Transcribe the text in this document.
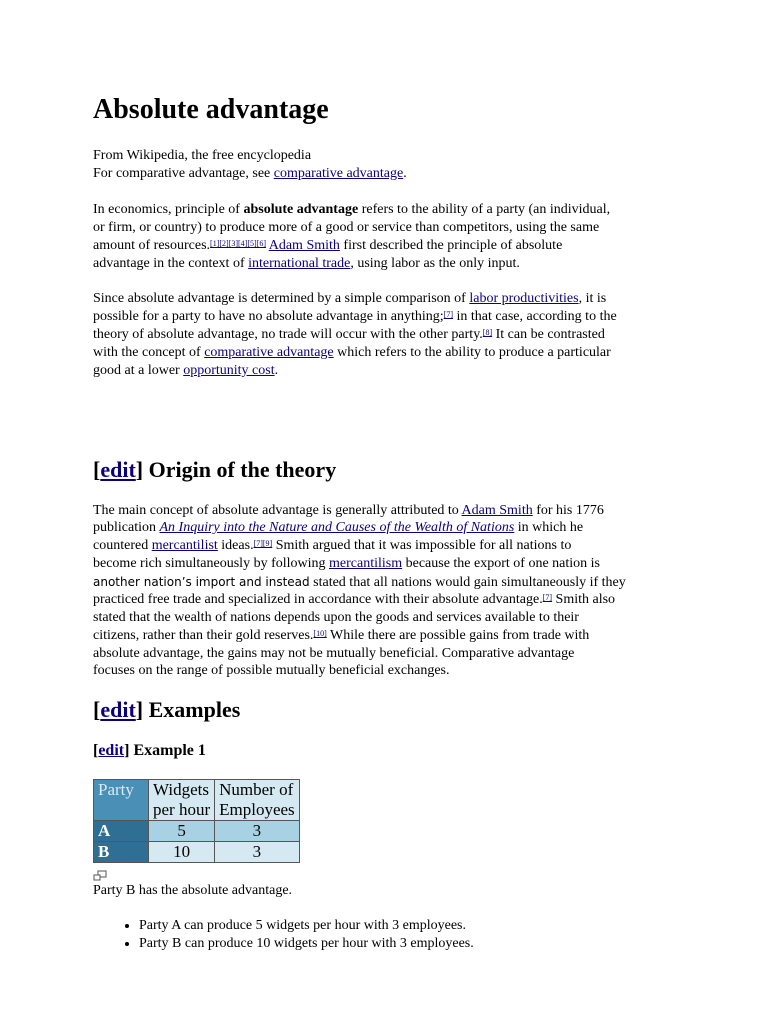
Absolute advantage
From Wikipedia, the free encyclopedia
For comparative advantage, see comparative advantage.
In economics, principle of absolute advantage refers to the ability of a party (an individual,
or firm, or country) to produce more of a good or service than competitors, using the same
amount of resources.[1][2][3][4][5][6] Adam Smith first described the principle of absolute
advantage in the context of international trade, using labor as the only input.
Since absolute advantage is determined by a simple comparison of labor productivities, it is
possible for a party to have no absolute advantage in anything;[7] in that case, according to the
theory of absolute advantage, no trade will occur with the other party.[8] It can be contrasted
with the concept of comparative advantage which refers to the ability to produce a particular
good at a lower opportunity cost.
[edit] Origin of the theory
The main concept of absolute advantage is generally attributed to Adam Smith for his 1776
publication An Inquiry into the Nature and Causes of the Wealth of Nations in which he
countered mercantilist ideas.[7][9] Smith argued that it was impossible for all nations to
become rich simultaneously by following mercantilism because the export of one nation is
another nation’s import and instead stated that all nations would gain simultaneously if they
practiced free trade and specialized in accordance with their absolute advantage.[7] Smith also
stated that the wealth of nations depends upon the goods and services available to their
citizens, rather than their gold reserves.[10] While there are possible gains from trade with
absolute advantage, the gains may not be mutually beneficial. Comparative advantage
focuses on the range of possible mutually beneficial exchanges.
[edit] Examples
[edit] Example 1
Party	Widgets	Number of
	per hour	Employees
A	5	3
B	10	3
Party B has the absolute advantage.
• Party A can produce 5 widgets per hour with 3 employees.
• Party B can produce 10 widgets per hour with 3 employees.
